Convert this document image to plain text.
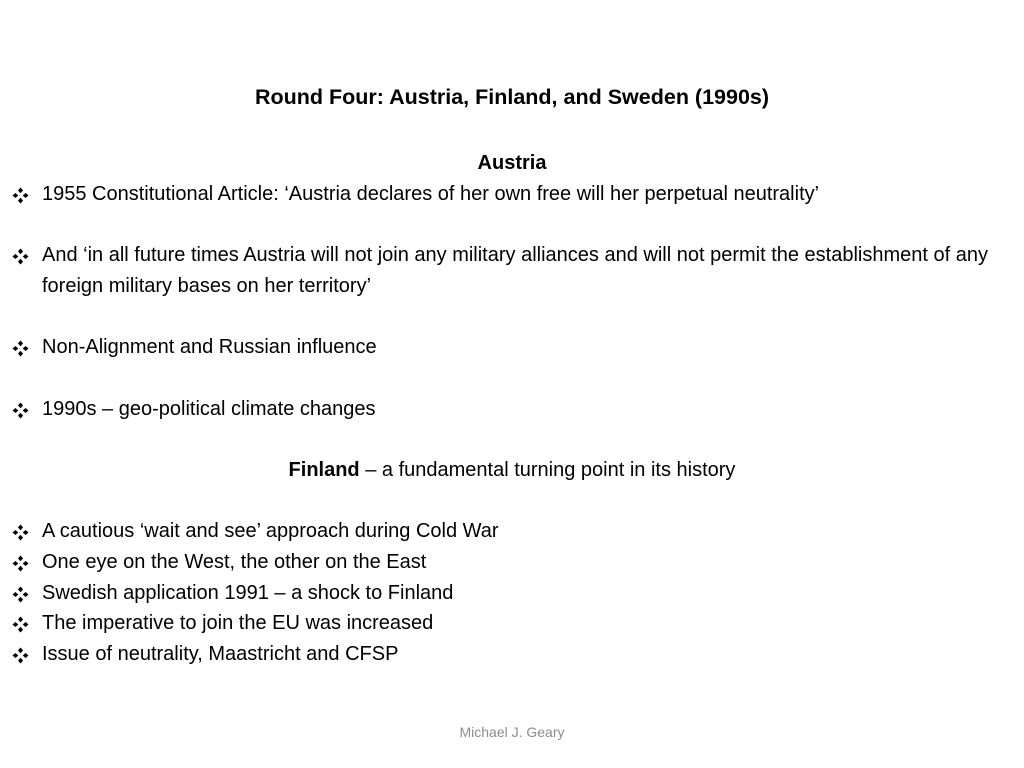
Round Four: Austria, Finland, and Sweden (1990s)

Austria

1955 Constitutional Article: ‘Austria declares of her own free will her perpetual neutrality’
And ‘in all future times Austria will not join any military alliances and will not permit the establishment of any foreign military bases on her territory’
Non-Alignment and Russian influence
1990s – geo-political climate changes

Finland – a fundamental turning point in its history

A cautious ‘wait and see’ approach during Cold War
One eye on the West, the other on the East
Swedish application 1991 – a shock to Finland
The imperative to join the EU was increased
Issue of neutrality, Maastricht and CFSP
Michael J. Geary
